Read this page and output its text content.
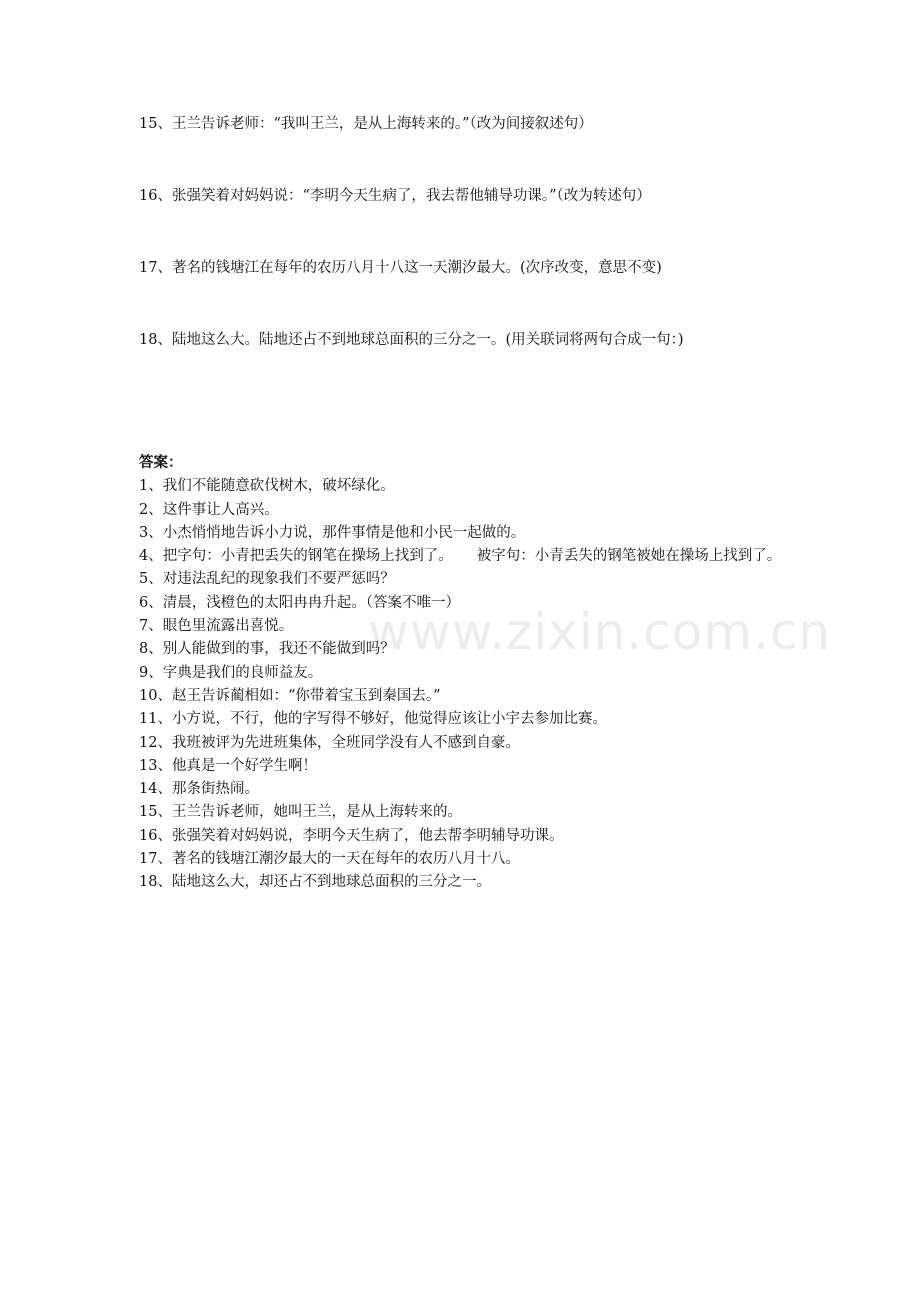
15、王兰告诉老师：“我叫王兰，是从上海转来的。”（改为间接叙述句）
16、张强笑着对妈妈说：“李明今天生病了，我去帮他辅导功课。”（改为转述句）
17、著名的钱塘江在每年的农历八月十八这一天潮汐最大。(次序改变，意思不变)
18、陆地这么大。陆地还占不到地球总面积的三分之一。(用关联词将两句合成一句：)
答案：
1、我们不能随意砍伐树木，破坏绿化。
2、这件事让人高兴。
3、小杰悄悄地告诉小力说，那件事情是他和小民一起做的。
4、把字句：小青把丢失的钢笔在操场上找到了。 被字句：小青丢失的钢笔被她在操场上找到了。
5、对违法乱纪的现象我们不要严惩吗？
6、清晨，浅橙色的太阳冉冉升起。（答案不唯一）
7、眼色里流露出喜悦。
8、别人能做到的事，我还不能做到吗？
9、字典是我们的良师益友。
10、赵王告诉蔺相如：“你带着宝玉到秦国去。”
11、小方说，不行，他的字写得不够好，他觉得应该让小宇去参加比赛。
12、我班被评为先进班集体，全班同学没有人不感到自豪。
13、他真是一个好学生啊！
14、那条街热闹。
15、王兰告诉老师，她叫王兰，是从上海转来的。
16、张强笑着对妈妈说，李明今天生病了，他去帮李明辅导功课。
17、著名的钱塘江潮汐最大的一天在每年的农历八月十八。
18、陆地这么大，却还占不到地球总面积的三分之一。
www.zixin.com.cn
